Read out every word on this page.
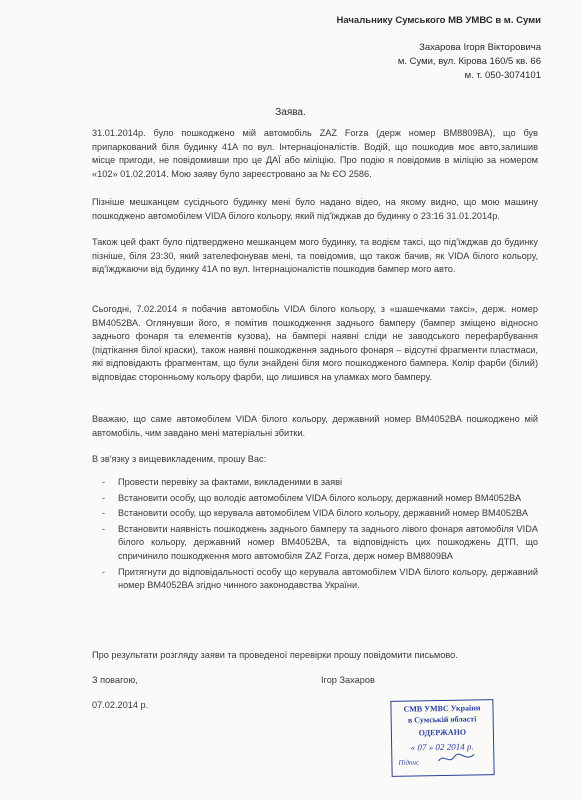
Начальнику Сумського МВ УМВС в м. Суми
Захарова Ігоря Вікторовича
м. Суми, вул. Кірова 160/5 кв. 66
м. т. 050-3074101
Заява.
31.01.2014р. було пошкоджено мій автомобіль ZAZ Forza (держ номер ВМ8809ВА), що був припаркований біля будинку 41А по вул. Інтернаціоналістів. Водій, що пошкодив моє авто,залишив місце пригоди, не повідомивши про це ДАЇ або міліцію. Про подію я повідомив в міліцію за номером «102» 01.02.2014. Мою заяву було зареєстровано за № ЄО 2586.
Пізніше мешканцем сусіднього будинку мені було надано відео, на якому видно, що мою машину пошкоджено автомобілем VIDA білого кольору, який під'їжджав до будинку о 23:16 31.01.2014р.
Також цей факт було підтверджено мешканцем мого будинку, та водієм таксі, що під'їжджав до будинку пізніше, біля 23:30, який зателефонував мені, та повідомив, що також бачив, як VIDA білого кольору, від'їжджаючи від будинку 41А по вул. Інтернаціоналістів пошкодив бампер мого авто.
Сьогодні, 7.02.2014 я побачив автомобіль VIDA білого кольору, з «шашечками таксі», держ. номер ВМ4052ВА. Оглянувши його, я помітив пошкодження заднього бамперу (бампер зміщено відносно заднього фонаря та елементів кузова), на бампері наявні сліди не заводського перефарбування (підтікання білої краски), також наявні пошкодження заднього фонаря – відсутні фрагменти пластмаси, які відповідають фрагментам, що були знайдені біля мого пошкодженого бампера. Колір фарби (білий) відповідає сторонньому кольору фарби, що лишився на уламках мого бамперу.
Вважаю, що саме автомобілем VIDA білого кольору, державний номер ВМ4052ВА пошкоджено мій автомобіль, чим завдано мені матеріальні збитки.
В зв'язку з вищевикладеним, прошу Вас:
- Провести перевіку за фактами, викладеними в заяві
- Встановити особу, що володіє автомобілем VIDA білого кольору, державний номер ВМ4052ВА
- Встановити особу, що керувала автомобілем VIDA білого кольору, державний номер ВМ4052ВА
- Встановити наявність пошкоджень заднього бамперу та заднього лівого фонаря автомобіля VIDA білого кольору, державний номер ВМ4052ВА, та відповідність цих пошкоджень ДТП, що спричинило пошкодження мого автомобіля ZAZ Forza, держ номер ВМ8809ВА
- Притягнути до відповідальності особу що керувала автомобілем VIDA білого кольору, державний номер ВМ4052ВА згідно чинного законодавства України.
Про результати розгляду заяви та проведеної перевірки прошу повідомити письмово.
З повагою,	Ігор Захаров
07.02.2014 р.	СМВ УМВС України
в Сумській області
ОДЕРЖАНО
« 07 » 02 2014 р.
Підпис
